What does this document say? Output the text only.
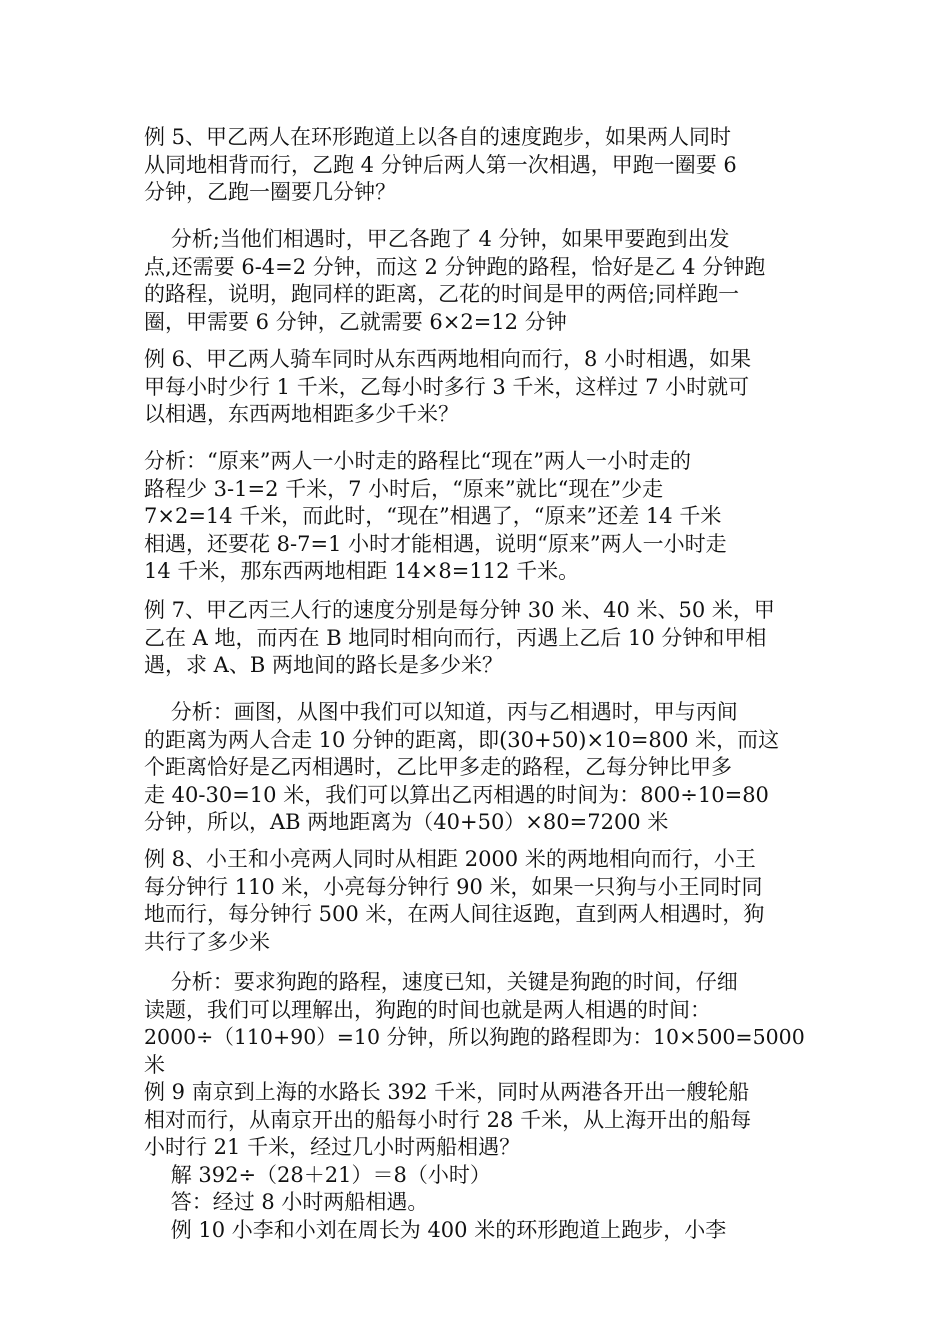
例 5、甲乙两人在环形跑道上以各自的速度跑步，如果两人同时
从同地相背而行，乙跑 4 分钟后两人第一次相遇，甲跑一圈要 6
分钟，乙跑一圈要几分钟？
分析;当他们相遇时，甲乙各跑了 4 分钟，如果甲要跑到出发
点,还需要 6-4=2 分钟，而这 2 分钟跑的路程，恰好是乙 4 分钟跑
的路程，说明，跑同样的距离，乙花的时间是甲的两倍;同样跑一
圈，甲需要 6 分钟，乙就需要 6×2=12 分钟
例 6、甲乙两人骑车同时从东西两地相向而行，8 小时相遇，如果
甲每小时少行 1 千米，乙每小时多行 3 千米，这样过 7 小时就可
以相遇，东西两地相距多少千米？
分析：“原来”两人一小时走的路程比“现在”两人一小时走的
路程少 3-1=2 千米，7 小时后，“原来”就比“现在”少走
7×2=14 千米，而此时，“现在”相遇了，“原来”还差 14 千米
相遇，还要花 8-7=1 小时才能相遇，说明“原来”两人一小时走
14 千米，那东西两地相距 14×8=112 千米。
例 7、甲乙丙三人行的速度分别是每分钟 30 米、40 米、50 米，甲
乙在 A 地，而丙在 B 地同时相向而行，丙遇上乙后 10 分钟和甲相
遇，求 A、B 两地间的路长是多少米？
分析：画图，从图中我们可以知道，丙与乙相遇时，甲与丙间
的距离为两人合走 10 分钟的距离，即(30+50)×10=800 米，而这
个距离恰好是乙丙相遇时，乙比甲多走的路程，乙每分钟比甲多
走 40-30=10 米，我们可以算出乙丙相遇的时间为：800÷10=80
分钟，所以，AB 两地距离为（40+50）×80=7200 米
例 8、小王和小亮两人同时从相距 2000 米的两地相向而行，小王
每分钟行 110 米，小亮每分钟行 90 米，如果一只狗与小王同时同
地而行，每分钟行 500 米，在两人间往返跑，直到两人相遇时，狗
共行了多少米
分析：要求狗跑的路程，速度已知，关键是狗跑的时间，仔细
读题，我们可以理解出，狗跑的时间也就是两人相遇的时间：
2000÷（110+90）=10 分钟，所以狗跑的路程即为：10×500=5000
米
例 9 南京到上海的水路长 392 千米，同时从两港各开出一艘轮船
相对而行，从南京开出的船每小时行 28 千米，从上海开出的船每
小时行 21 千米，经过几小时两船相遇？
解 392÷（28＋21）＝8（小时）
答：经过 8 小时两船相遇。
例 10 小李和小刘在周长为 400 米的环形跑道上跑步，小李
